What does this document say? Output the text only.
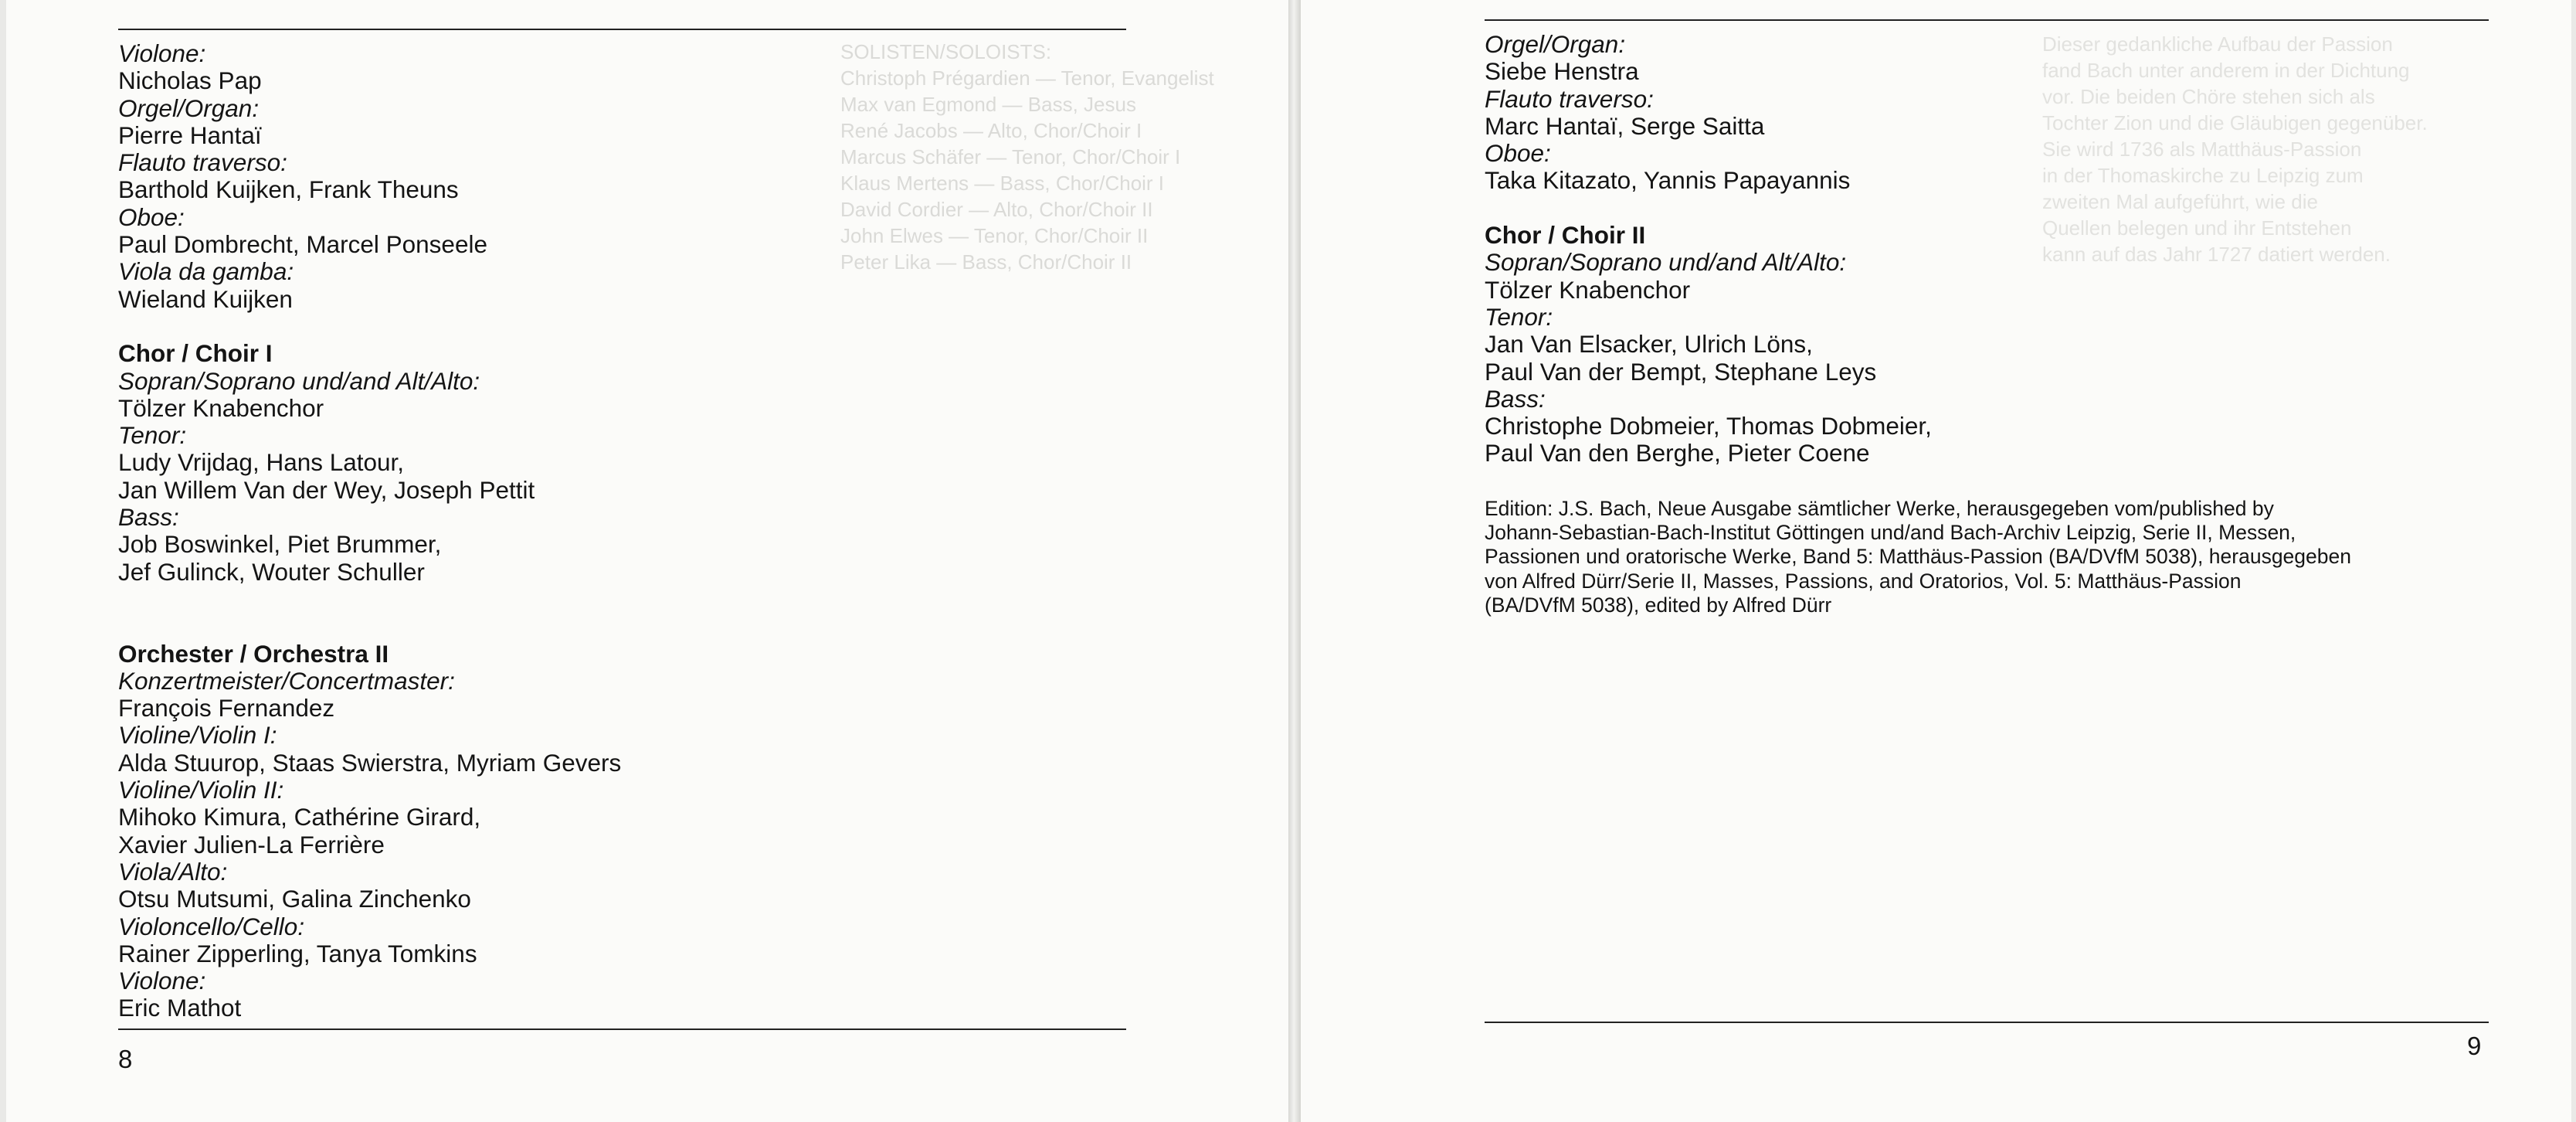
SOLISTEN/SOLOISTS:
Christoph Prégardien — Tenor, Evangelist
Max van Egmond — Bass, Jesus
René Jacobs — Alto, Chor/Choir I
Marcus Schäfer — Tenor, Chor/Choir I
Klaus Mertens — Bass, Chor/Choir I
David Cordier — Alto, Chor/Choir II
John Elwes — Tenor, Chor/Choir II
Peter Lika — Bass, Chor/Choir II
Violone:
Nicholas Pap
Orgel/Organ:
Pierre Hantaï
Flauto traverso:
Barthold Kuijken, Frank Theuns
Oboe:
Paul Dombrecht, Marcel Ponseele
Viola da gamba:
Wieland Kuijken
Chor / Choir I
Sopran/Soprano und/and Alt/Alto:
Tölzer Knabenchor
Tenor:
Ludy Vrijdag, Hans Latour,
Jan Willem Van der Wey, Joseph Pettit
Bass:
Job Boswinkel, Piet Brummer,
Jef Gulinck, Wouter Schuller
Orchester / Orchestra II
Konzertmeister/Concertmaster:
François Fernandez
Violine/Violin I:
Alda Stuurop, Staas Swierstra, Myriam Gevers
Violine/Violin II:
Mihoko Kimura, Cathérine Girard,
Xavier Julien-La Ferrière
Viola/Alto:
Otsu Mutsumi, Galina Zinchenko
Violoncello/Cello:
Rainer Zipperling, Tanya Tomkins
Violone:
Eric Mathot
8
Dieser gedankliche Aufbau der Passion
fand Bach unter anderem in der Dichtung
vor. Die beiden Chöre stehen sich als
Tochter Zion und die Gläubigen gegenüber.
Sie wird 1736 als Matthäus-Passion
in der Thomaskirche zu Leipzig zum
zweiten Mal aufgeführt, wie die
Quellen belegen und ihr Entstehen
kann auf das Jahr 1727 datiert werden.
Orgel/Organ:
Siebe Henstra
Flauto traverso:
Marc Hantaï, Serge Saitta
Oboe:
Taka Kitazato, Yannis Papayannis
Chor / Choir II
Sopran/Soprano und/and Alt/Alto:
Tölzer Knabenchor
Tenor:
Jan Van Elsacker, Ulrich Löns,
Paul Van der Bempt, Stephane Leys
Bass:
Christophe Dobmeier, Thomas Dobmeier,
Paul Van den Berghe, Pieter Coene
Edition: J.S. Bach, Neue Ausgabe sämtlicher Werke, herausgegeben vom/published by
Johann-Sebastian-Bach-Institut Göttingen und/and Bach-Archiv Leipzig, Serie II, Messen,
Passionen und oratorische Werke, Band 5: Matthäus-Passion (BA/DVfM 5038), herausgegeben
von Alfred Dürr/Serie II, Masses, Passions, and Oratorios, Vol. 5: Matthäus-Passion
(BA/DVfM 5038), edited by Alfred Dürr
9
